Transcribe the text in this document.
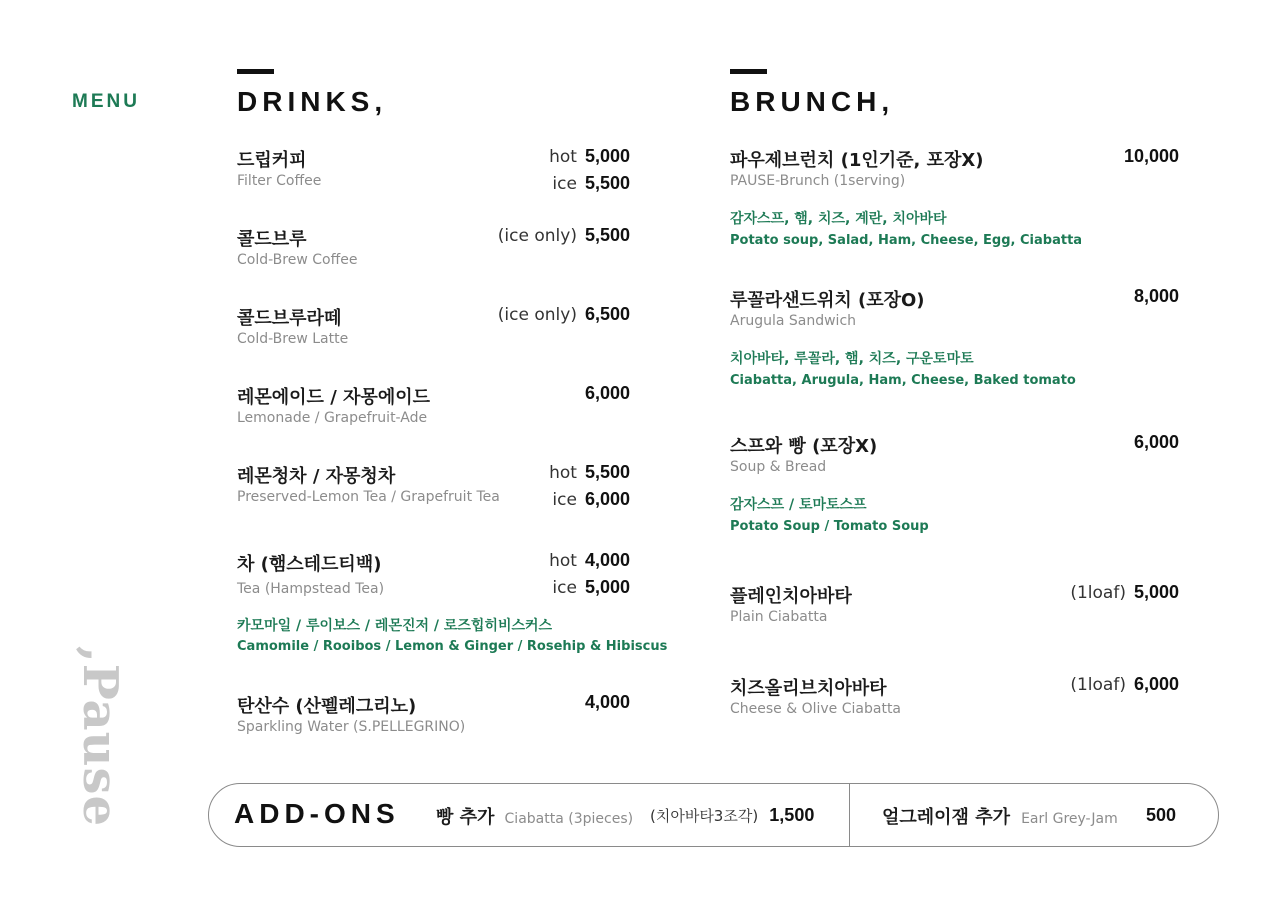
MENU
,Pause
DRINKS,
드립커피
Filter Coffee
hot 5,000
ice 5,500
콜드브루
Cold-Brew Coffee
(ice only) 5,500
콜드브루라떼
Cold-Brew Latte
(ice only) 6,500
레몬에이드 / 자몽에이드
Lemonade / Grapefruit-Ade
6,000
레몬청차 / 자몽청차
Preserved-Lemon Tea / Grapefruit Tea
hot 5,500
ice 6,000
차 (햄스테드티백)
Tea (Hampstead Tea)
hot 4,000
ice 5,000
카모마일 / 루이보스 / 레몬진저 / 로즈힙히비스커스
Camomile / Rooibos / Lemon & Ginger / Rosehip & Hibiscus
탄산수 (산펠레그리노)
Sparkling Water (S.PELLEGRINO)
4,000
BRUNCH,
파우제브런치 (1인기준, 포장X)
PAUSE-Brunch (1serving)
10,000
감자스프, 햄, 치즈, 계란, 치아바타
Potato soup, Salad, Ham, Cheese, Egg, Ciabatta
루꼴라샌드위치 (포장O)
Arugula Sandwich
8,000
치아바타, 루꼴라, 햄, 치즈, 구운토마토
Ciabatta, Arugula, Ham, Cheese, Baked tomato
스프와 빵 (포장X)
Soup & Bread
6,000
감자스프 / 토마토스프
Potato Soup / Tomato Soup
플레인치아바타
Plain Ciabatta
(1loaf) 5,000
치즈올리브치아바타
Cheese & Olive Ciabatta
(1loaf) 6,000
ADD-ONS 빵 추가 Ciabatta (3pieces) (치아바타3조각) 1,500	얼그레이잼 추가 Earl Grey-Jam 500
